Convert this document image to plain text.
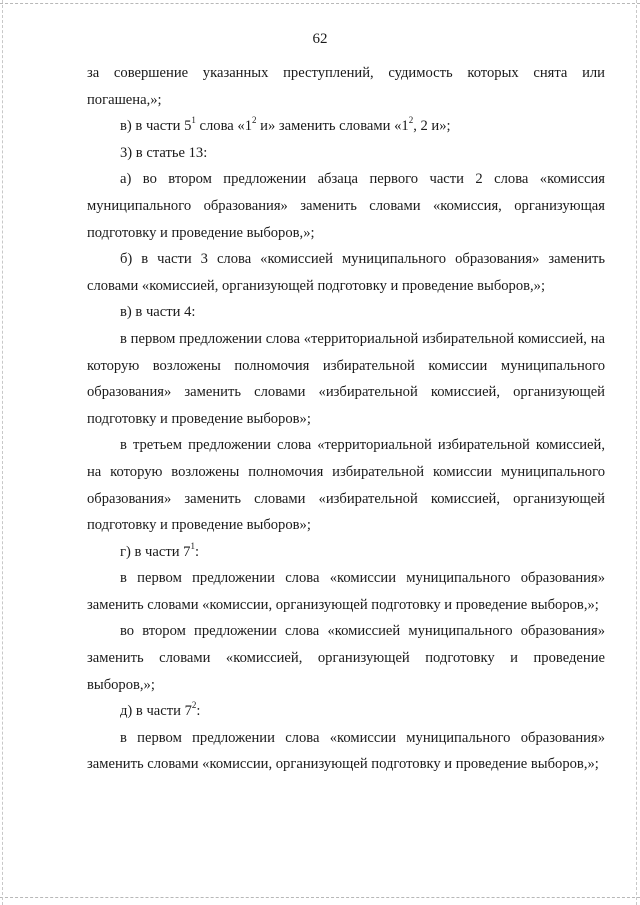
62

за совершение указанных преступлений, судимость которых снята или погашена,»;

в) в части $5^1$ слова «$1^2$ и» заменить словами «$1^2$, 2 и»;

3) в статье 13:

а) во втором предложении абзаца первого части 2 слова «комиссия муниципального образования» заменить словами «комиссия, организующая подготовку и проведение выборов,»;

б) в части 3 слова «комиссией муниципального образования» заменить словами «комиссией, организующей подготовку и проведение выборов,»;

в) в части 4:

в первом предложении слова «территориальной избирательной комиссией, на которую возложены полномочия избирательной комиссии муниципального образования» заменить словами «избирательной комиссией, организующей подготовку и проведение выборов»;

в третьем предложении слова «территориальной избирательной комиссией, на которую возложены полномочия избирательной комиссии муниципального образования» заменить словами «избирательной комиссией, организующей подготовку и проведение выборов»;

г) в части $7^1$:

в первом предложении слова «комиссии муниципального образования» заменить словами «комиссии, организующей подготовку и проведение выборов,»;

во втором предложении слова «комиссией муниципального образования» заменить словами «комиссией, организующей подготовку и проведение выборов,»;

д) в части $7^2$:

в первом предложении слова «комиссии муниципального образования» заменить словами «комиссии, организующей подготовку и проведение выборов,»;
